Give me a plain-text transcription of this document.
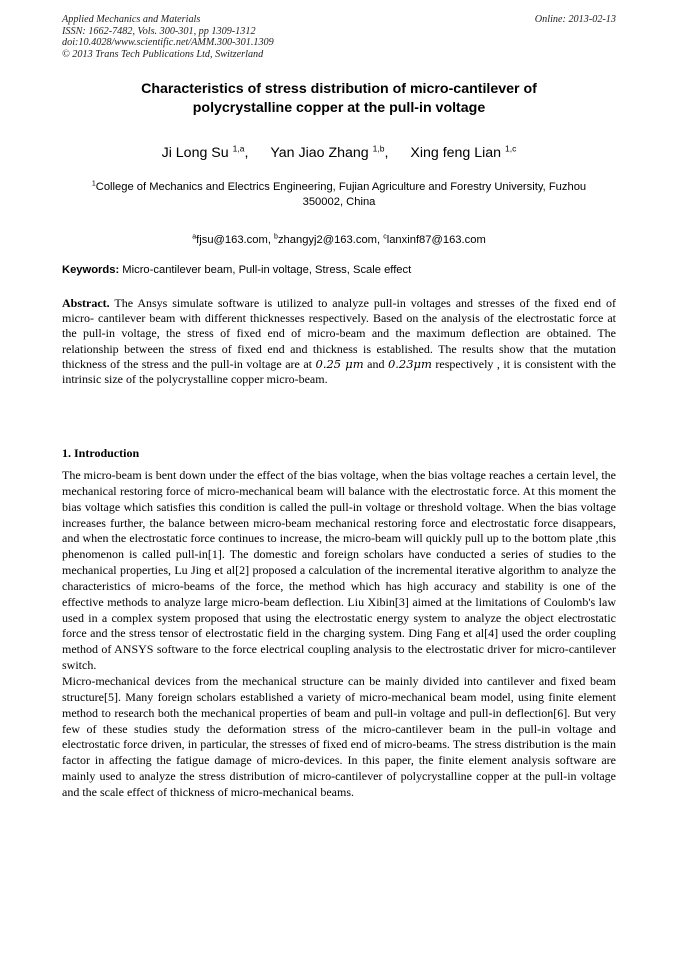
Applied Mechanics and Materials
ISSN: 1662-7482, Vols. 300-301, pp 1309-1312
doi:10.4028/www.scientific.net/AMM.300-301.1309
© 2013 Trans Tech Publications Ltd, Switzerland
Online: 2013-02-13
Characteristics of stress distribution of micro-cantilever of
polycrystalline copper at the pull-in voltage
Ji Long Su $^{1,a}$, Yan Jiao Zhang $^{1,b}$, Xing feng Lian $^{1,c}$
$^1$College of Mechanics and Electrics Engineering, Fujian Agriculture and Forestry University, Fuzhou
350002, China
$^a$fjsu@163.com, $^b$zhangyj2@163.com, $^c$lanxinf87@163.com
Keywords: Micro-cantilever beam, Pull-in voltage, Stress, Scale effect
Abstract. The Ansys simulate software is utilized to analyze pull-in voltages and stresses of the fixed end of micro- cantilever beam with different thicknesses respectively. Based on the analysis of the electrostatic force at the pull-in voltage, the stress of fixed end of micro-beam and the maximum deflection are obtained. The relationship between the stress of fixed end and thickness is established. The results show that the mutation thickness of the stress and the pull-in voltage are at 0.25 μm and 0.23μm respectively , it is consistent with the intrinsic size of the polycrystalline copper micro-beam.
1. Introduction

The micro-beam is bent down under the effect of the bias voltage, when the bias voltage reaches a certain level, the mechanical restoring force of micro-mechanical beam will balance with the electrostatic force. At this moment the bias voltage which satisfies this condition is called the pull-in voltage or threshold voltage. When the bias voltage increases further, the balance between micro-beam mechanical restoring force and electrostatic force disappears, and when the electrostatic force continues to increase, the micro-beam will quickly pull up to the bottom plate ,this phenomenon is called pull-in[1]. The domestic and foreign scholars have conducted a series of studies to the mechanical properties, Lu Jing et al[2] proposed a calculation of the incremental iterative algorithm to analyze the characteristics of micro-beams of the force, the method which has high accuracy and stability is one of the effective methods to analyze large micro-beam deflection. Liu Xibin[3] aimed at the limitations of Coulomb's law used in a complex system proposed that using the electrostatic energy system to analyze the object electrostatic force and the stress tensor of electrostatic field in the charging system. Ding Fang et al[4] used the order coupling method of ANSYS software to the force electrical coupling analysis to the electrostatic driver for micro-cantilever switch.

Micro-mechanical devices from the mechanical structure can be mainly divided into cantilever and fixed beam structure[5]. Many foreign scholars established a variety of micro-mechanical beam model, using finite element method to research both the mechanical properties of beam and pull-in voltage and pull-in deflection[6]. But very few of these studies study the deformation stress of the micro-cantilever beam in the pull-in voltage and electrostatic force driven, in particular, the stresses of fixed end of micro-beams. The stress distribution is the main factor in affecting the fatigue damage of micro-devices. In this paper, the finite element analysis software are mainly used to analyze the stress distribution of micro-cantilever of polycrystalline copper at the pull-in voltage and the scale effect of thickness of micro-mechanical beams.
